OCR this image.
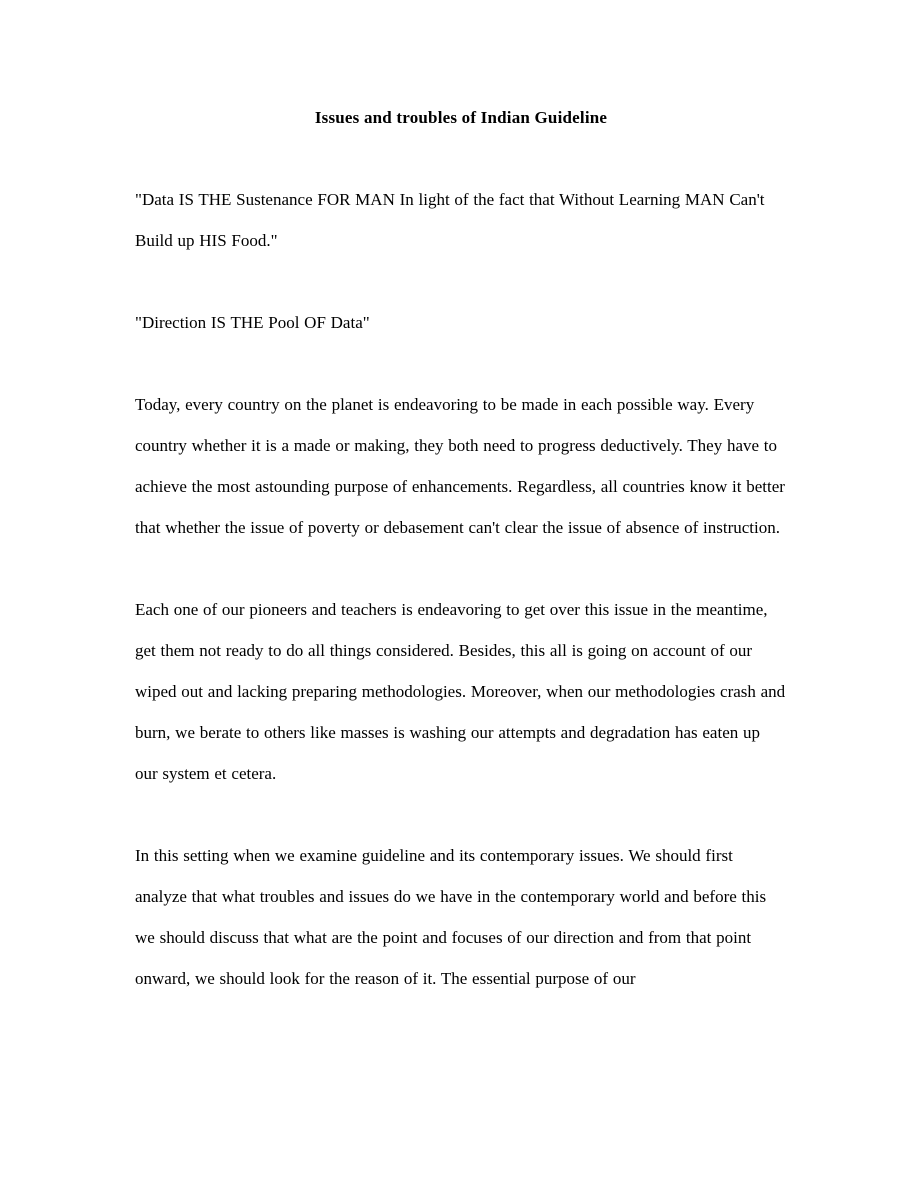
Issues and troubles of Indian Guideline

"Data IS THE Sustenance FOR MAN In light of the fact that Without Learning MAN Can't Build up HIS Food."

"Direction IS THE Pool OF Data"

Today, every country on the planet is endeavoring to be made in each possible way. Every country whether it is a made or making, they both need to progress deductively. They have to achieve the most astounding purpose of enhancements. Regardless, all countries know it better that whether the issue of poverty or debasement can't clear the issue of absence of instruction.

Each one of our pioneers and teachers is endeavoring to get over this issue in the meantime, get them not ready to do all things considered. Besides, this all is going on account of our wiped out and lacking preparing methodologies. Moreover, when our methodologies crash and burn, we berate to others like masses is washing our attempts and degradation has eaten up our system et cetera.

In this setting when we examine guideline and its contemporary issues. We should first analyze that what troubles and issues do we have in the contemporary world and before this we should discuss that what are the point and focuses of our direction and from that point onward, we should look for the reason of it. The essential purpose of our
